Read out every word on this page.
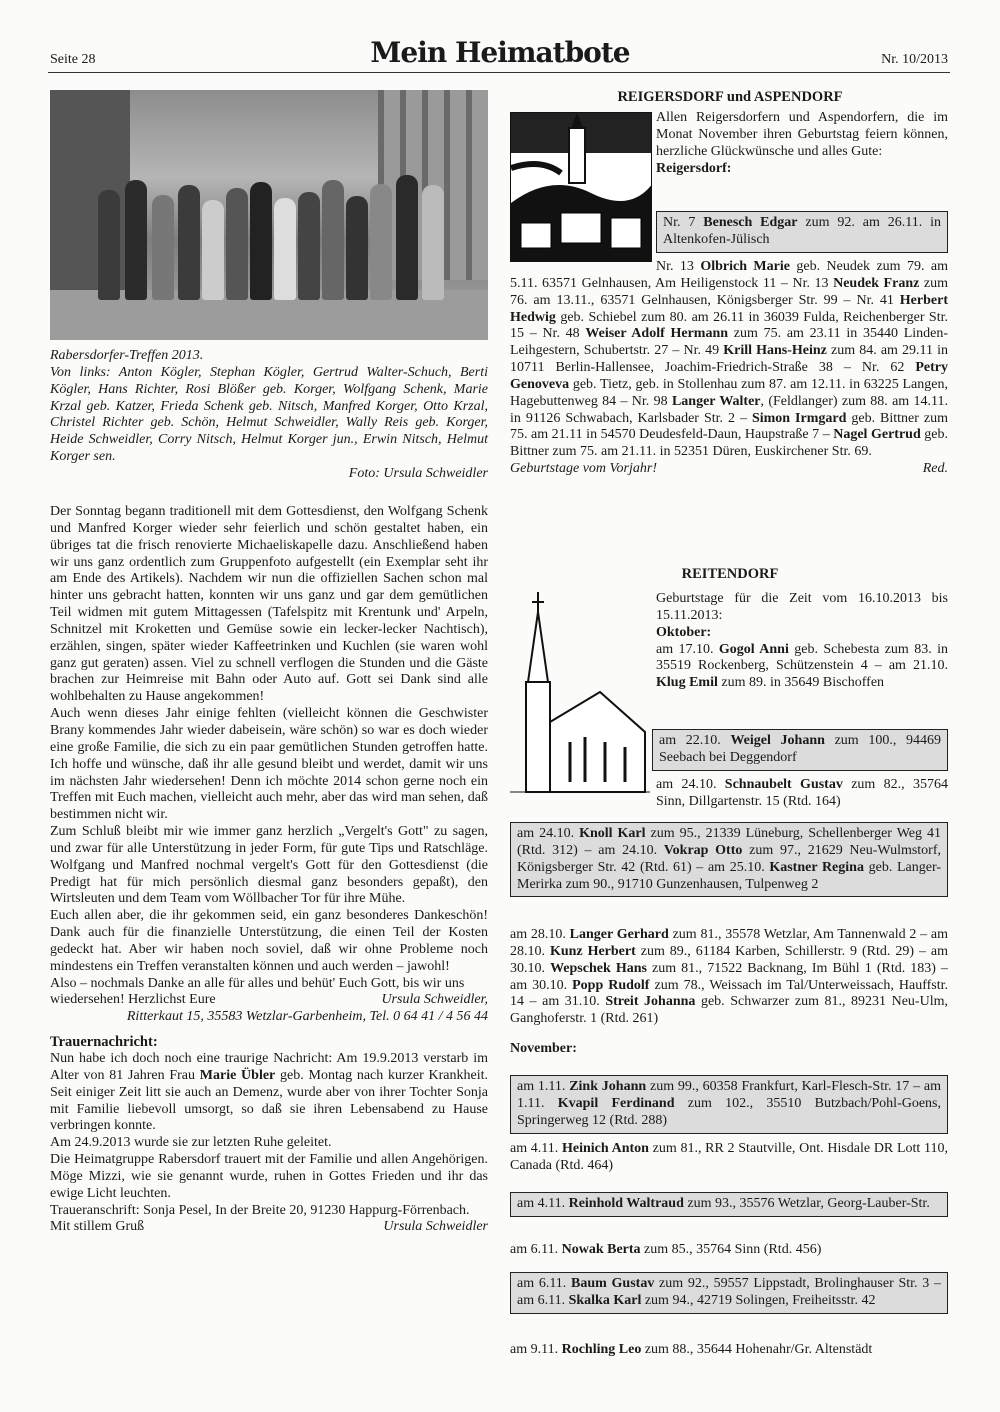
Seite 28	Mein Heimatbote	Nr. 10/2013

Rabersdorfer-Treffen 2013.

Von links: Anton Kögler, Stephan Kögler, Gertrud Walter-Schuch, Berti Kögler, Hans Richter, Rosi Blößer geb. Korger, Wolfgang Schenk, Marie Krzal geb. Katzer, Frieda Schenk geb. Nitsch, Manfred Korger, Otto Krzal, Christel Richter geb. Schön, Helmut Schweidler, Wally Reis geb. Korger, Heide Schweidler, Corry Nitsch, Helmut Korger jun., Erwin Nitsch, Helmut Korger sen.

Foto: Ursula Schweidler

Der Sonntag begann traditionell mit dem Gottesdienst, den Wolfgang Schenk und Manfred Korger wieder sehr feierlich und schön gestaltet haben, ein übriges tat die frisch renovierte Michaeliskapelle dazu. Anschließend haben wir uns ganz ordentlich zum Gruppenfoto aufgestellt (ein Exemplar seht ihr am Ende des Artikels). Nachdem wir nun die offiziellen Sachen schon mal hinter uns gebracht hatten, konnten wir uns ganz und gar dem gemütlichen Teil widmen mit gutem Mittagessen (Tafelspitz mit Krentunk und' Arpeln, Schnitzel mit Kroketten und Gemüse sowie ein lecker-lecker Nachtisch), erzählen, singen, später wieder Kaffeetrinken und Kuchlen (sie waren wohl ganz gut geraten) assen. Viel zu schnell verflogen die Stunden und die Gäste brachen zur Heimreise mit Bahn oder Auto auf. Gott sei Dank sind alle wohlbehalten zu Hause angekommen!

Auch wenn dieses Jahr einige fehlten (vielleicht können die Geschwister Brany kommendes Jahr wieder dabeisein, wäre schön) so war es doch wieder eine große Familie, die sich zu ein paar gemütlichen Stunden getroffen hatte. Ich hoffe und wünsche, daß ihr alle gesund bleibt und werdet, damit wir uns im nächsten Jahr wiedersehen! Denn ich möchte 2014 schon gerne noch ein Treffen mit Euch machen, vielleicht auch mehr, aber das wird man sehen, daß bestimmen nicht wir.

Zum Schluß bleibt mir wie immer ganz herzlich „Vergelt's Gott" zu sagen, und zwar für alle Unterstützung in jeder Form, für gute Tips und Ratschläge. Wolfgang und Manfred nochmal vergelt's Gott für den Gottesdienst (die Predigt hat für mich persönlich diesmal ganz besonders gepaßt), den Wirtsleuten und dem Team vom Wöllbacher Tor für ihre Mühe.

Euch allen aber, die ihr gekommen seid, ein ganz besonderes Dankeschön! Dank auch für die finanzielle Unterstützung, die einen Teil der Kosten gedeckt hat. Aber wir haben noch soviel, daß wir ohne Probleme noch mindestens ein Treffen veranstalten können und auch werden – jawohl!

Also – nochmals Danke an alle für alles und behüt' Euch Gott, bis wir uns wiedersehen! Herzlichst Eure	Ursula Schweidler,

Ritterkaut 15, 35583 Wetzlar-Garbenheim, Tel. 0 64 41 / 4 56 44

Trauernachricht:

Nun habe ich doch noch eine traurige Nachricht: Am 19.9.2013 verstarb im Alter von 81 Jahren Frau Marie Übler geb. Montag nach kurzer Krankheit. Seit einiger Zeit litt sie auch an Demenz, wurde aber von ihrer Tochter Sonja mit Familie liebevoll umsorgt, so daß sie ihren Lebensabend zu Hause verbringen konnte.

Am 24.9.2013 wurde sie zur letzten Ruhe geleitet.

Die Heimatgruppe Rabersdorf trauert mit der Familie und allen Angehörigen. Möge Mizzi, wie sie genannt wurde, ruhen in Gottes Frieden und ihr das ewige Licht leuchten.

Traueranschrift: Sonja Pesel, In der Breite 20, 91230 Happurg-Förrenbach.

Mit stillem Gruß	Ursula Schweidler

REIGERSDORF und ASPENDORF

Allen Reigersdorfern und Aspendorfern, die im Monat November ihren Geburtstag feiern können, herzliche Glückwünsche und alles Gute:

Reigersdorf:

Nr. 7 Benesch Edgar zum 92. am 26.11. in Altenkofen-Jülisch

Nr. 13 Olbrich Marie geb. Neudek zum 79. am 5.11. 63571 Gelnhausen, Am Heiligenstock 11 – Nr. 13 Neudek Franz zum 76. am 13.11., 63571 Gelnhausen, Königsberger Str. 99 – Nr. 41 Herbert Hedwig geb. Schiebel zum 80. am 26.11 in 36039 Fulda, Reichenberger Str. 15 – Nr. 48 Weiser Adolf Hermann zum 75. am 23.11 in 35440 Linden-Leihgestern, Schubertstr. 27 – Nr. 49 Krill Hans-Heinz zum 84. am 29.11 in 10711 Berlin-Hallensee, Joachim-Friedrich-Straße 38 – Nr. 62 Petry Genoveva geb. Tietz, geb. in Stollenhau zum 87. am 12.11. in 63225 Langen, Hagebuttenweg 84 – Nr. 98 Langer Walter, (Feldlanger) zum 88. am 14.11. in 91126 Schwabach, Karlsbader Str. 2 – Simon Irmgard geb. Bittner zum 75. am 21.11 in 54570 Deudesfeld-Daun, Haupstraße 7 – Nagel Gertrud geb. Bittner zum 75. am 21.11. in 52351 Düren, Euskirchener Str. 69.

Geburtstage vom Vorjahr!	Red.

REITENDORF

Geburtstage für die Zeit vom 16.10.2013 bis 15.11.2013:

Oktober:

am 17.10. Gogol Anni geb. Schebesta zum 83. in 35519 Rockenberg, Schützenstein 4 – am 21.10. Klug Emil zum 89. in 35649 Bischoffen

am 22.10. Weigel Johann zum 100., 94469 Seebach bei Deggendorf
am 24.10. Schnaubelt Gustav zum 82., 35764 Sinn, Dillgartenstr. 15 (Rtd. 164)
am 24.10. Knoll Karl zum 95., 21339 Lüneburg, Schellenberger Weg 41 (Rtd. 312) – am 24.10. Vokrap Otto zum 97., 21629 Neu-Wulmstorf, Königsberger Str. 42 (Rtd. 61) – am 25.10. Kastner Regina geb. Langer-Merirka zum 90., 91710 Gunzenhausen, Tulpenweg 2
am 28.10. Langer Gerhard zum 81., 35578 Wetzlar, Am Tannenwald 2 – am 28.10. Kunz Herbert zum 89., 61184 Karben, Schillerstr. 9 (Rtd. 29) – am 30.10. Wepschek Hans zum 81., 71522 Backnang, Im Bühl 1 (Rtd. 183) – am 30.10. Popp Rudolf zum 78., Weissach im Tal/Unterweissach, Hauffstr. 14 – am 31.10. Streit Johanna geb. Schwarzer zum 81., 89231 Neu-Ulm, Ganghoferstr. 1 (Rtd. 261)
November:
am 1.11. Zink Johann zum 99., 60358 Frankfurt, Karl-Flesch-Str. 17 – am 1.11. Kvapil Ferdinand zum 102., 35510 Butzbach/Pohl-Goens, Springerweg 12 (Rtd. 288)
am 4.11. Heinich Anton zum 81., RR 2 Stautville, Ont. Hisdale DR Lott 110, Canada (Rtd. 464)
am 4.11. Reinhold Waltraud zum 93., 35576 Wetzlar, Georg-Lauber-Str.
am 6.11. Nowak Berta zum 85., 35764 Sinn (Rtd. 456)
am 6.11. Baum Gustav zum 92., 59557 Lippstadt, Brolinghauser Str. 3 – am 6.11. Skalka Karl zum 94., 42719 Solingen, Freiheitsstr. 42
am 9.11. Rochling Leo zum 88., 35644 Hohenahr/Gr. Altenstädt
